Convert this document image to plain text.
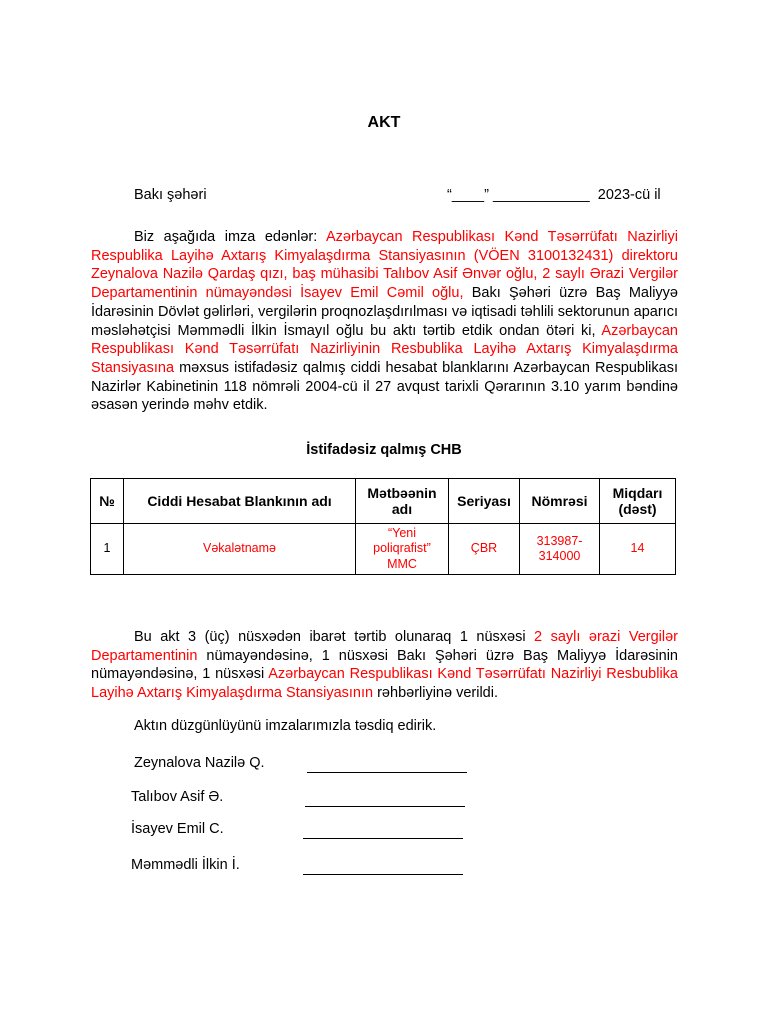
AKT
Bakı şəhəri	“____” ____________  2023-cü il
Biz aşağıda imza edənlər: Azərbaycan Respublikası Kənd Təsərrüfatı Nazirliyi Respublika Layihə Axtarış Kimyalaşdırma Stansiyasının (VÖEN 3100132431) direktoru Zeynalova Nazilə Qardaş qızı, baş mühasibi Talıbov Asif Ənvər oğlu, 2 saylı Ərazi Vergilər Departamentinin nümayəndəsi İsayev Emil Cəmil oğlu, Bakı Şəhəri üzrə Baş Maliyyə İdarəsinin Dövlət gəlirləri, vergilərin proqnozlaşdırılması və iqtisadi təhlili sektorunun aparıcı məsləhətçisi Məmmədli İlkin İsmayıl oğlu bu aktı tərtib etdik ondan ötəri ki, Azərbaycan Respublikası Kənd Təsərrüfatı Nazirliyinin Resbublika Layihə Axtarış Kimyalaşdırma Stansiyasına məxsus istifadəsiz qalmış ciddi hesabat blanklarını Azərbaycan Respublikası Nazirlər Kabinetinin 118 nömrəli 2004-cü il 27 avqust tarixli Qərarının 3.10 yarım bəndinə əsasən yerində məhv etdik.
İstifadəsiz qalmış CHB
№	Ciddi Hesabat Blankının adı	Mətbəənin adı	Seriyası	Nömrəsi	Miqdarı (dəst)
1	Vəkalətnamə	“Yeni poliqrafist” MMC	ÇBR	313987-314000	14
Bu akt 3 (üç) nüsxədən ibarət tərtib olunaraq 1 nüsxəsi 2 saylı ərazi Vergilər Departamentinin nümayəndəsinə, 1 nüsxəsi Bakı Şəhəri üzrə Baş Maliyyə İdarəsinin nümayəndəsinə, 1 nüsxəsi Azərbaycan Respublikası Kənd Təsərrüfatı Nazirliyi Resbublika Layihə Axtarış Kimyalaşdırma Stansiyasının rəhbərliyinə verildi.
Aktın düzgünlüyünü imzalarımızla təsdiq edirik.
Zeynalova Nazilə Q.
Talıbov Asif Ə.
İsayev Emil C.
Məmmədli İlkin İ.
